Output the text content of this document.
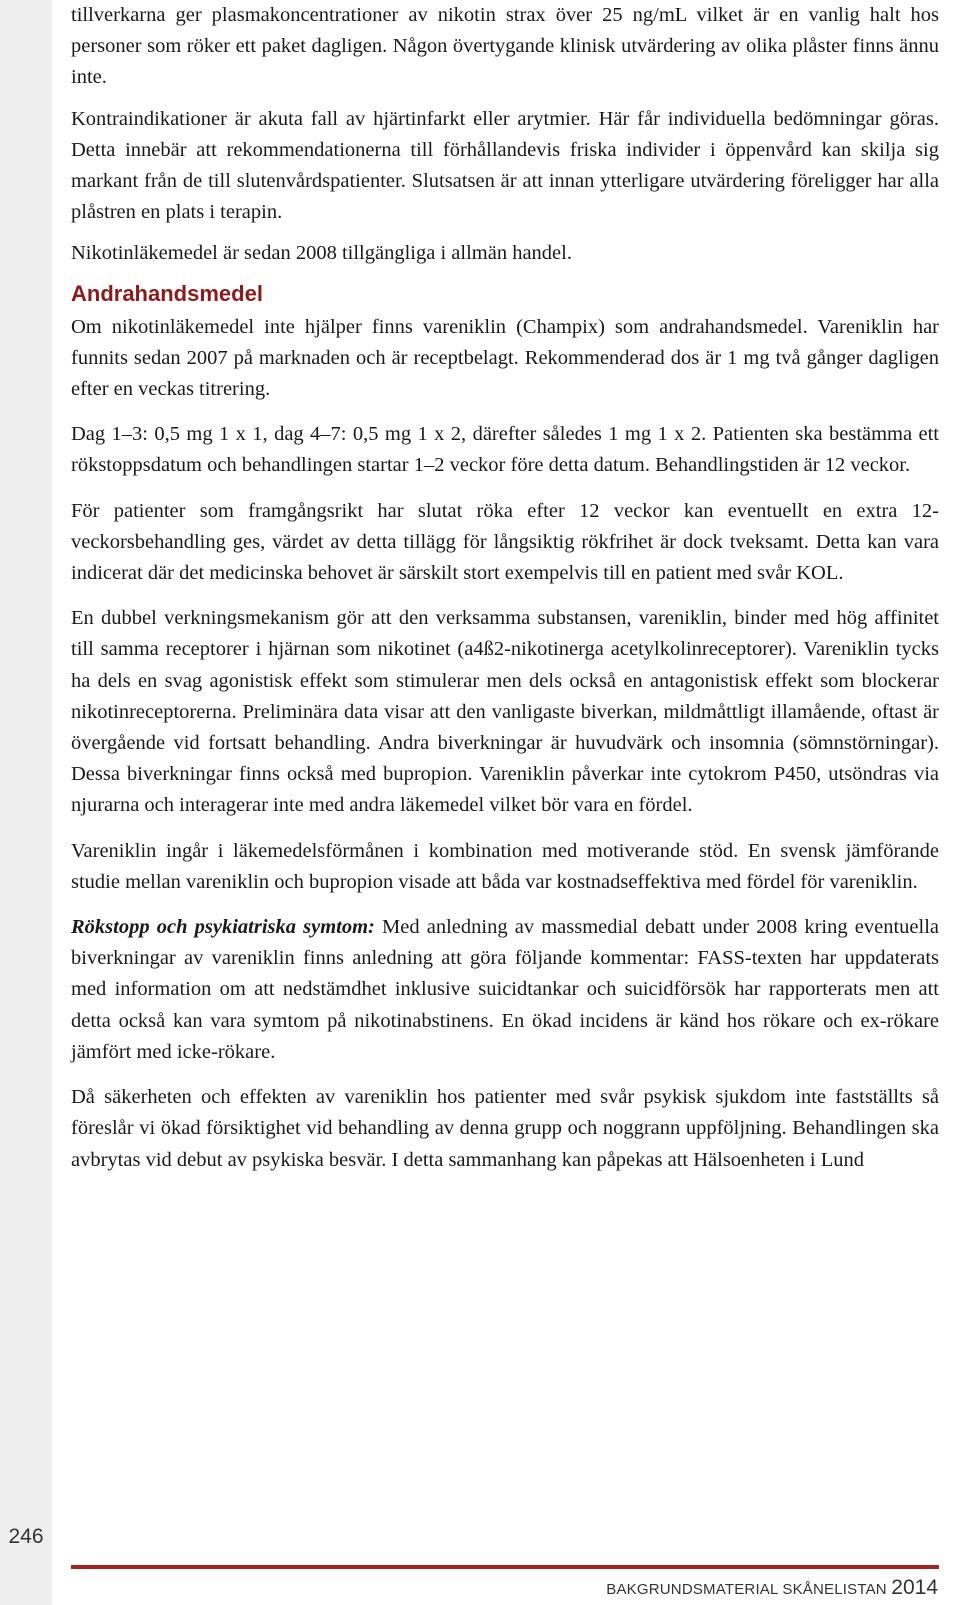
246

tillverkarna ger plasmakoncentrationer av nikotin strax över 25 ng/mL vilket är en vanlig halt hos personer som röker ett paket dagligen. Någon övertygande klinisk utvärdering av olika plåster finns ännu inte.

Kontraindikationer är akuta fall av hjärtinfarkt eller arytmier. Här får individuella bedömningar göras. Detta innebär att rekommendationerna till förhållandevis friska individer i öppenvård kan skilja sig markant från de till slutenvårdspatienter. Slutsatsen är att innan ytterligare utvärdering föreligger har alla plåstren en plats i terapin.

Nikotinläkemedel är sedan 2008 tillgängliga i allmän handel.

Andrahandsmedel

Om nikotinläkemedel inte hjälper finns vareniklin (Champix) som andrahandsmedel. Vareniklin har funnits sedan 2007 på marknaden och är receptbelagt. Rekommenderad dos är 1 mg två gånger dagligen efter en veckas titrering.

Dag 1–3: 0,5 mg 1 x 1, dag 4–7: 0,5 mg 1 x 2, därefter således 1 mg 1 x 2. Patienten ska bestämma ett rökstoppsdatum och behandlingen startar 1–2 veckor före detta datum. Behandlingstiden är 12 veckor.

För patienter som framgångsrikt har slutat röka efter 12 veckor kan eventuellt en extra 12-veckorsbehandling ges, värdet av detta tillägg för långsiktig rökfrihet är dock tveksamt. Detta kan vara indicerat där det medicinska behovet är särskilt stort exempelvis till en patient med svår KOL.

En dubbel verkningsmekanism gör att den verksamma substansen, vareniklin, binder med hög affinitet till samma receptorer i hjärnan som nikotinet (a4ß2-nikotinerga acetylkolinreceptorer). Vareniklin tycks ha dels en svag agonistisk effekt som stimulerar men dels också en antagonistisk effekt som blockerar nikotinreceptorerna. Preliminära data visar att den vanligaste biverkan, mildmåttligt illamående, oftast är övergående vid fortsatt behandling. Andra biverkningar är huvudvärk och insomnia (sömnstörningar). Dessa biverkningar finns också med bupropion. Vareniklin påverkar inte cytokrom P450, utsöndras via njurarna och interagerar inte med andra läkemedel vilket bör vara en fördel.

Vareniklin ingår i läkemedelsförmånen i kombination med motiverande stöd. En svensk jämförande studie mellan vareniklin och bupropion visade att båda var kostnadseffektiva med fördel för vareniklin.

Rökstopp och psykiatriska symtom: Med anledning av massmedial debatt under 2008 kring eventuella biverkningar av vareniklin finns anledning att göra följande kommentar: FASS-texten har uppdaterats med information om att nedstämdhet inklusive suicidtankar och suicidförsök har rapporterats men att detta också kan vara symtom på nikotinabstinens. En ökad incidens är känd hos rökare och ex-rökare jämfört med icke-rökare.

Då säkerheten och effekten av vareniklin hos patienter med svår psykisk sjukdom inte fastställts så föreslår vi ökad försiktighet vid behandling av denna grupp och noggrann uppföljning. Behandlingen ska avbrytas vid debut av psykiska besvär. I detta sammanhang kan påpekas att Hälsoenheten i Lund

BAKGRUNDSMATERIAL SKÅNELISTAN 2014
